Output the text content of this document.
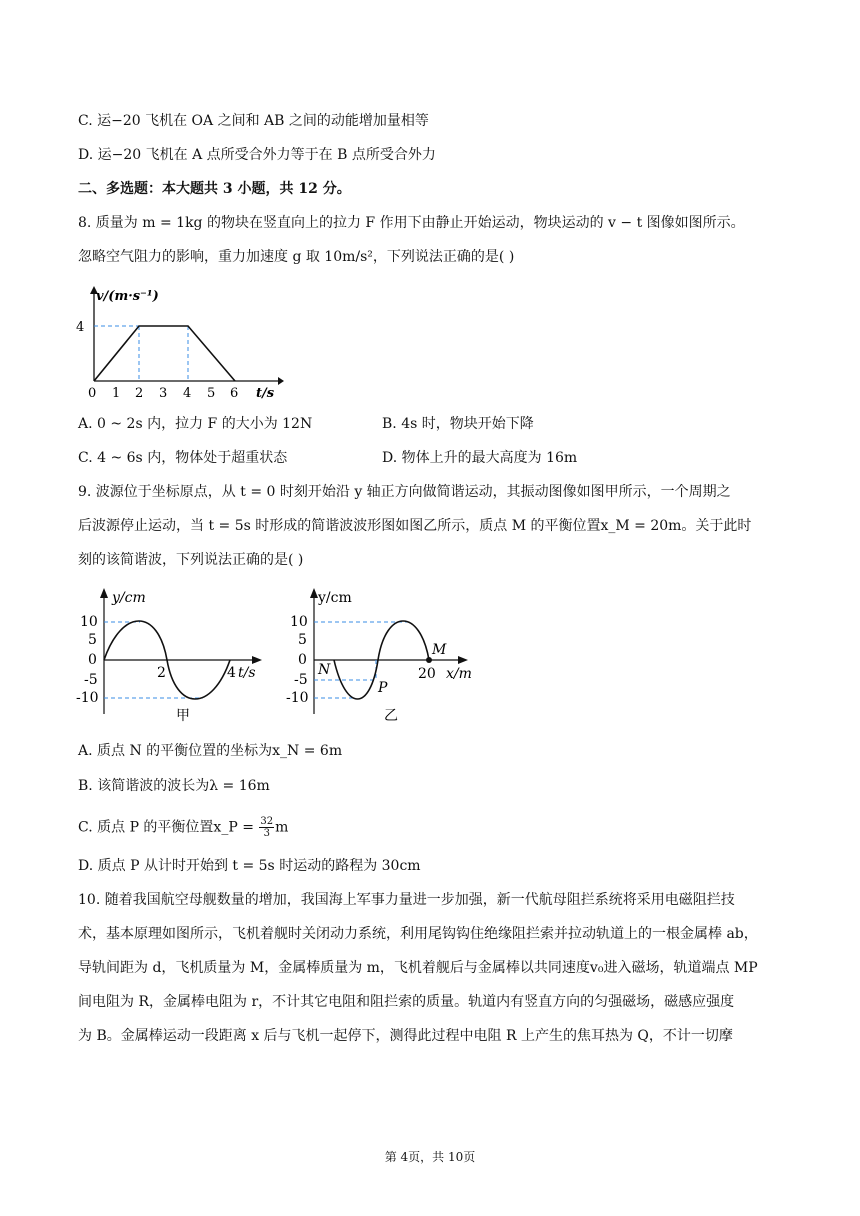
C. 运−20 飞机在 OA 之间和 AB 之间的动能增加量相等
D. 运−20 飞机在 A 点所受合外力等于在 B 点所受合外力
二、多选题：本大题共 3 小题，共 12 分。
8. 质量为 m = 1kg 的物块在竖直向上的拉力 F 作用下由静止开始运动，物块运动的 v − t 图像如图所示。
忽略空气阻力的影响，重力加速度 g 取 10m/s²，下列说法正确的是( )
v/(m·s⁻¹)
4
0 1 2 3 4 5 6 t/s
A. 0 ~ 2s 内，拉力 F 的大小为 12N	B. 4s 时，物块开始下降
C. 4 ~ 6s 内，物体处于超重状态	D. 物体上升的最大高度为 16m
9. 波源位于坐标原点，从 t = 0 时刻开始沿 y 轴正方向做简谐运动，其振动图像如图甲所示，一个周期之
后波源停止运动，当 t = 5s 时形成的简谐波波形图如图乙所示，质点 M 的平衡位置x_M = 20m。关于此时
刻的该简谐波，下列说法正确的是( )
y/cm
10
5
0
-5
-10
2	4 t/s
甲
y/cm
10
5
0
-5
-10
N
P
M
20 x/m
乙
A. 质点 N 的平衡位置的坐标为x_N = 6m
B. 该简谐波的波长为λ = 16m
C. 质点 P 的平衡位置x_P = $\frac{32}{3}$ m
D. 质点 P 从计时开始到 t = 5s 时运动的路程为 30cm
10. 随着我国航空母舰数量的增加，我国海上军事力量进一步加强，新一代航母阻拦系统将采用电磁阻拦技
术，基本原理如图所示，飞机着舰时关闭动力系统，利用尾钩钩住绝缘阻拦索并拉动轨道上的一根金属棒 ab，
导轨间距为 d，飞机质量为 M，金属棒质量为 m，飞机着舰后与金属棒以共同速度v₀进入磁场，轨道端点 MP
间电阻为 R，金属棒电阻为 r，不计其它电阻和阻拦索的质量。轨道内有竖直方向的匀强磁场，磁感应强度
为 B。金属棒运动一段距离 x 后与飞机一起停下，测得此过程中电阻 R 上产生的焦耳热为 Q，不计一切摩
第 4页，共 10页
